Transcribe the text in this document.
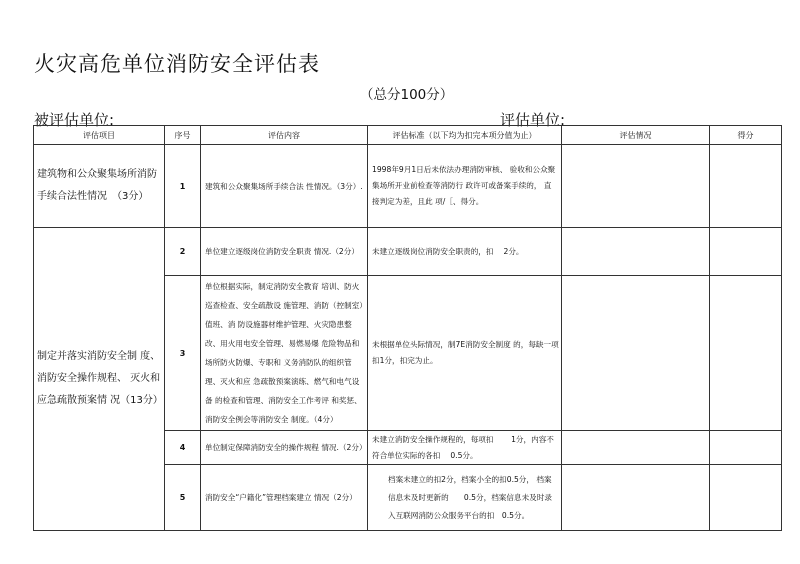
火灾高危单位消防安全评估表
（总分100分）
被评估单位:	评估单位:
评估项目	序号	评估内容	评估标准（以下均为扣完本项分值为止）	评估情况	得分
建筑物和公众聚集场所消防手续合法性情况　（3分）	1	建筑和公众聚集场所手续合法 性情况。（3分）.	1998年9月1日后未依法办理消防审核、 验收和公众聚集场所开业前检查等消防行 政许可或备案手续的， 直接判定为差，且此 项/［、得分。		
制定并落实消防安全制 度、消防安全操作规程、 灭火和应急疏散预案情 况（13分）	2	单位建立逐级岗位消防安全职责 情况.（2分）	未建立逐级岗位消防安全职责的，扣　 2分。		
	3	单位根据实际，制定消防安全教育 培训、防火巡查检查、安全疏散设 施管理、消防（控制室）值班、消 防设施器材维护管理、火灾隐患整 改、用火用电安全管理、易燃易爆 危险物品和场所防火防爆、专职和 义务消防队的组织管理、灭火和应 急疏散预案演练、燃气和电气设备 的检查和管理、消防安全工作考评 和奖惩、消防安全例会等消防安全 制度。（4分）	未根据单位头际情况，制7E消防安全制度 的，每缺一项扣1分，扣完为止。		
	4	单位制定保障消防安全的操作规程 情况.（2分）	未建立消防安全操作规程的，每项扣　　 1分，内容不符合单位实际的各扣　 0.5分。		
	5	消防安全“户籍化”管理档案建立 情况（2分）	档案未建立的扣2分，档案小全的扣0.5分， 档案信息未及时更新的　　0.5分，档案信息未及时录入互联网消防公众服务平台的扣　0.5分。		
